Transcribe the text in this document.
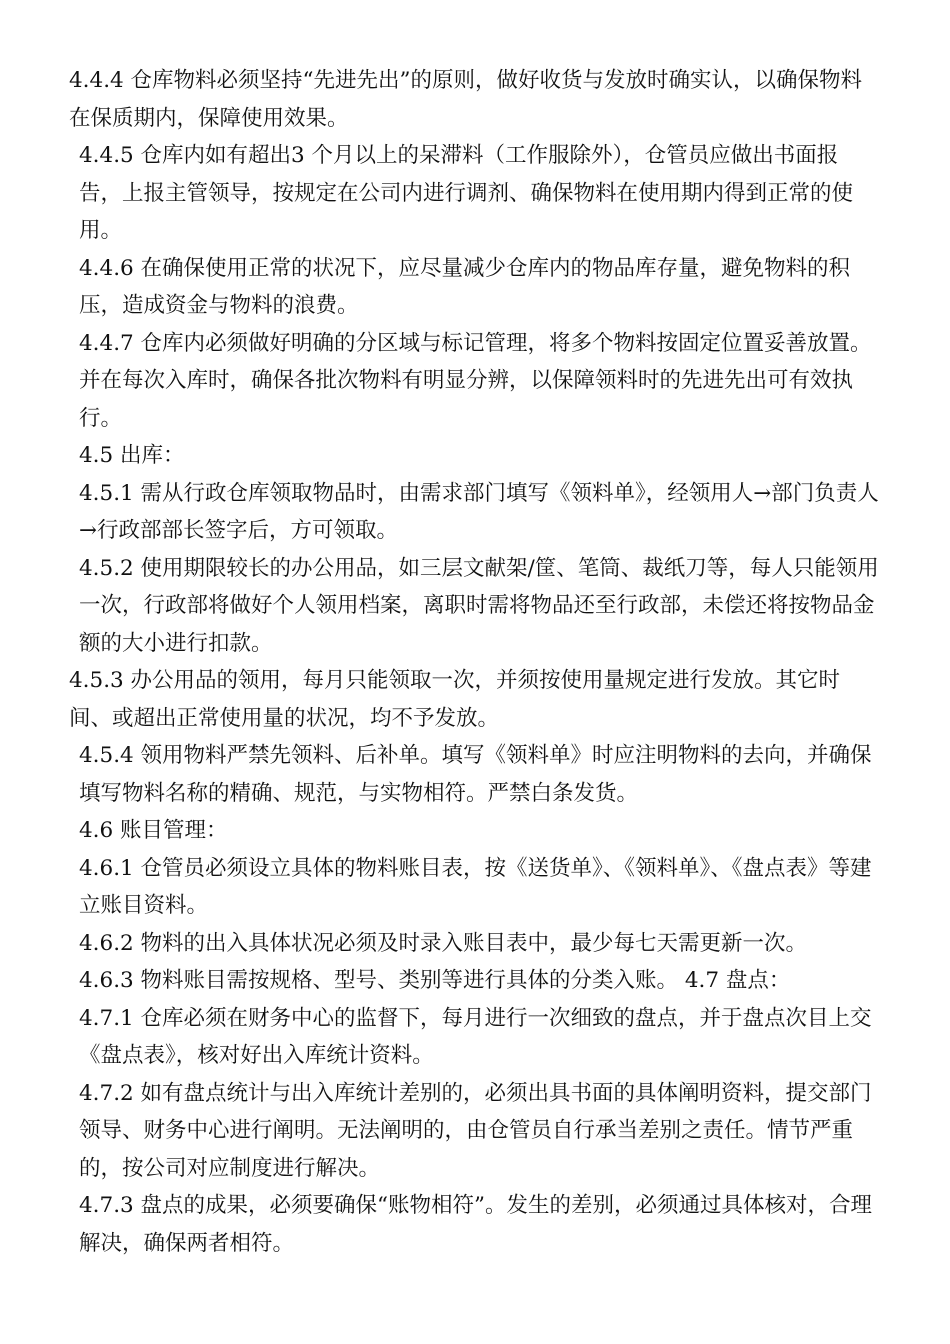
4.4.4 仓库物料必须坚持“先进先出”的原则，做好收货与发放时确实认，以确保物料在保质期内，保障使用效果。

4.4.5 仓库内如有超出3 个月以上的呆滞料（工作服除外），仓管员应做出书面报告，上报主管领导，按规定在公司内进行调剂、确保物料在使用期内得到正常的使用。

4.4.6 在确保使用正常的状况下，应尽量减少仓库内的物品库存量，避免物料的积压，造成资金与物料的浪费。

4.4.7 仓库内必须做好明确的分区域与标记管理，将多个物料按固定位置妥善放置。并在每次入库时，确保各批次物料有明显分辨，以保障领料时的先进先出可有效执行。

4.5 出库：

4.5.1 需从行政仓库领取物品时，由需求部门填写《领料单》，经领用人→部门负责人→行政部部长签字后，方可领取。

4.5.2 使用期限较长的办公用品，如三层文献架/筐、笔筒、裁纸刀等，每人只能领用一次，行政部将做好个人领用档案，离职时需将物品还至行政部，未偿还将按物品金额的大小进行扣款。

4.5.3 办公用品的领用，每月只能领取一次，并须按使用量规定进行发放。其它时间、或超出正常使用量的状况，均不予发放。

4.5.4 领用物料严禁先领料、后补单。填写《领料单》时应注明物料的去向，并确保填写物料名称的精确、规范，与实物相符。严禁白条发货。

4.6 账目管理：

4.6.1 仓管员必须设立具体的物料账目表，按《送货单》、《领料单》、《盘点表》等建立账目资料。

4.6.2 物料的出入具体状况必须及时录入账目表中，最少每七天需更新一次。

4.6.3 物料账目需按规格、型号、类别等进行具体的分类入账。 4.7 盘点：

4.7.1 仓库必须在财务中心的监督下，每月进行一次细致的盘点，并于盘点次目上交《盘点表》，核对好出入库统计资料。

4.7.2 如有盘点统计与出入库统计差别的，必须出具书面的具体阐明资料，提交部门领导、财务中心进行阐明。无法阐明的，由仓管员自行承当差别之责任。情节严重的，按公司对应制度进行解决。

4.7.3 盘点的成果，必须要确保“账物相符”。发生的差别，必须通过具体核对，合理 解决，确保两者相符。
